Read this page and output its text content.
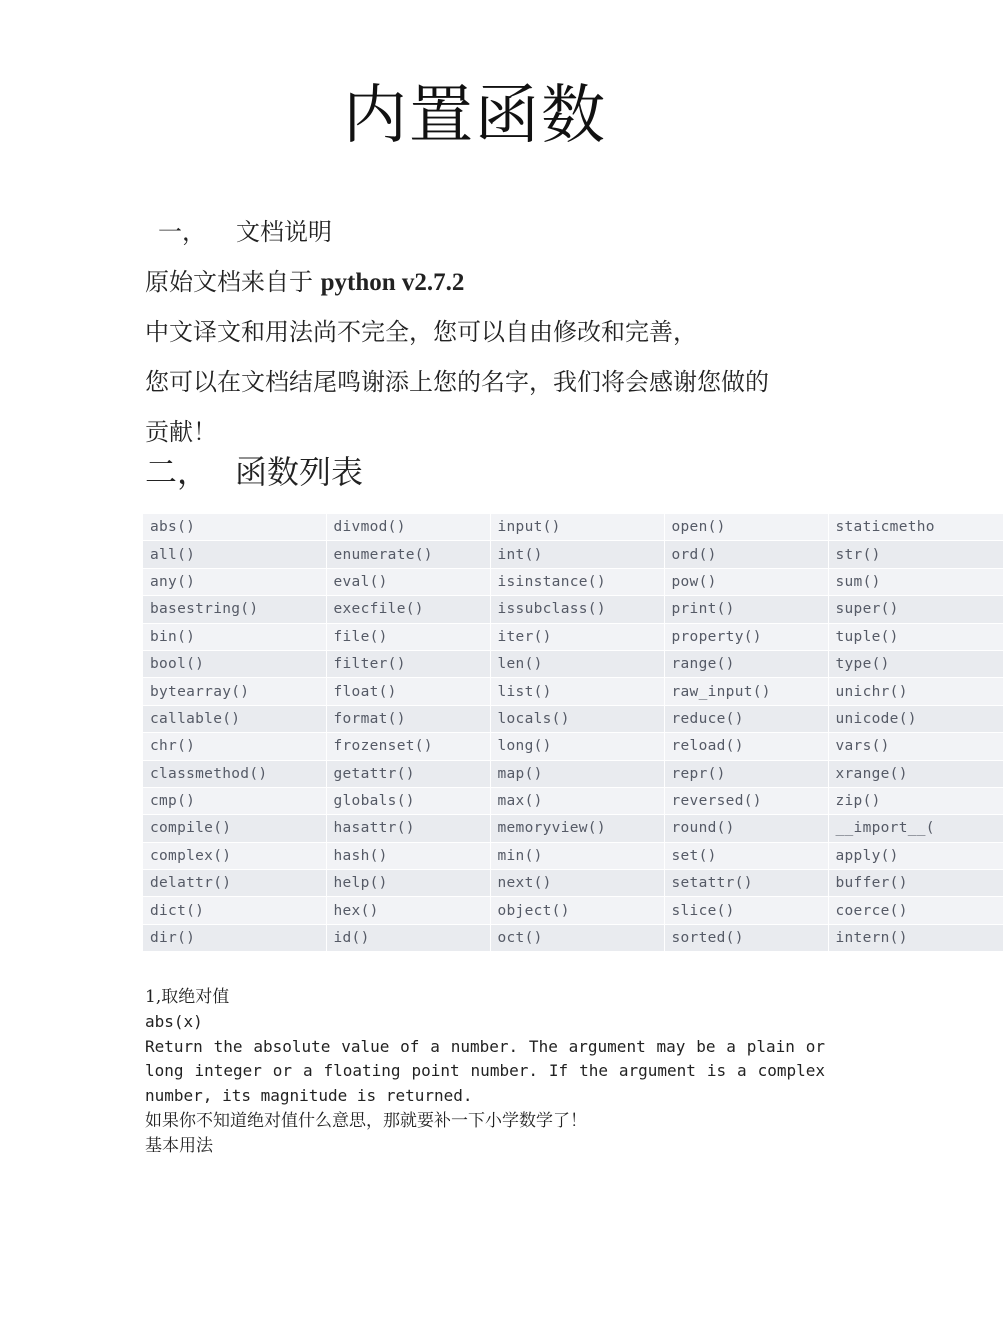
内置函数
一， 文档说明
原始文档来自于 python v2.7.2
中文译文和用法尚不完全，您可以自由修改和完善，
您可以在文档结尾鸣谢添上您的名字，我们将会感谢您做的
贡献！
二， 函数列表
abs()	divmod()	input()	open()	staticmetho
all()	enumerate()	int()	ord()	str()
any()	eval()	isinstance()	pow()	sum()
basestring()	execfile()	issubclass()	print()	super()
bin()	file()	iter()	property()	tuple()
bool()	filter()	len()	range()	type()
bytearray()	float()	list()	raw_input()	unichr()
callable()	format()	locals()	reduce()	unicode()
chr()	frozenset()	long()	reload()	vars()
classmethod()	getattr()	map()	repr()	xrange()
cmp()	globals()	max()	reversed()	zip()
compile()	hasattr()	memoryview()	round()	__import__(
complex()	hash()	min()	set()	apply()
delattr()	help()	next()	setattr()	buffer()
dict()	hex()	object()	slice()	coerce()
dir()	id()	oct()	sorted()	intern()
1,取绝对值
abs(x)
Return the absolute value of a number. The argument may be a plain or long integer or a floating point number. If the argument is a complex number, its magnitude is returned.
如果你不知道绝对值什么意思，那就要补一下小学数学了！
基本用法
